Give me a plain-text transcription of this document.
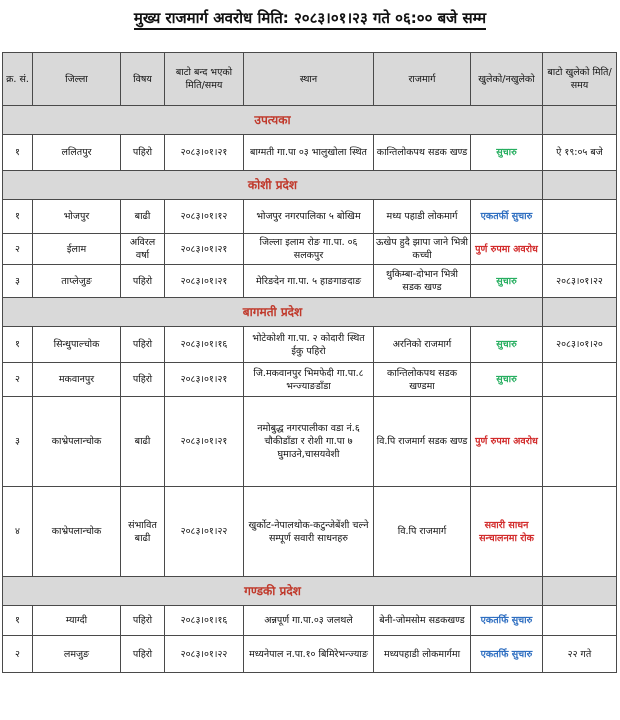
मुख्य राजमार्ग अवरोध मिति: २०८३।०१।२३ गते ०६:०० बजे सम्म
क्र. सं.	जिल्ला	विषय	बाटो बन्द भएको मिति/समय	स्थान	राजमार्ग	खुलेको/नखुलेको	बाटो खुलेको मिति/समय
उपत्यका							
१	ललितपुर	पहिरो	२०८३।०१।२१	बाग्मती गा.पा ०३ भालुखोला स्थित	कान्तिलोकपथ सडक खण्ड	सुचारु	ऐ १९:०५ बजे
कोशी प्रदेश							
१	भोजपुर	बाढी	२०८३।०१।१२	भोजपुर नगरपालिका ५ बोखिम	मध्य पहाडी लोकमार्ग	एकतर्फी सुचारु	
२	ईलाम	अविरल वर्षा	२०८३।०१।२१	जिल्ला इलाम रोङ गा.पा. ०६ सलकपुर	ऊखेप हुदै झापा जाने भित्री कच्ची	पुर्ण रुपमा अवरोध	
३	ताप्लेजुङ	पहिरो	२०८३।०१।२१	मेरिङदेन गा.पा. ५ हाङगाङदाङ	थुकिम्बा-दोभान भित्री सडक खण्ड	सुचारु	२०८३।०१।२२
बागमती प्रदेश							
१	सिन्धुपाल्चोक	पहिरो	२०८३।०१।१६	भोटेकोशी गा.पा. २ कोदारी स्थित ईकु पहिरो	अरनिको राजमार्ग	सुचारु	२०८३।०१।२०
२	मकवानपुर	पहिरो	२०८३।०१।२१	जि.मकवानपुर भिमफेदी गा.पा.८ भन्ज्याङडाँडा	कान्तिलोकपथ सडक खण्डमा	सुचारु	
३	काभ्रेपलान्चोक	बाढी	२०८३।०१।२१	नमोबुद्ध नगरपालीका वडा नं.६ चौकीडाँडा र रोशी गा.पा ७ घुमाउने,चासयवेशी	वि.पि राजमार्ग सडक खण्ड	पुर्ण रुपमा अवरोध	
४	काभ्रेपलान्चोक	संभावित बाढी	२०८३।०१।२२	खुर्कोट-नेपालथोक-कटुन्जेबेंशी चल्ने सम्पूर्ण सवारी साधनहरु	वि.पि राजमार्ग	सवारी साधन सन्चालनमा रोक	
गण्डकी प्रदेश							
१	म्याग्दी	पहिरो	२०८३।०१।१६	अन्नपूर्ण गा.पा.०३ जलथले	बेनी-जोमसोम सडकखण्ड	एकतर्फि सुचारु	
२	लमजुङ	पहिरो	२०८३।०१।२२	मध्यनेपाल न.पा.१० बिमिरेभन्ज्याङ	मध्यपहाडी लोकमार्गमा	एकतर्फि सुचारु	२२ गते
